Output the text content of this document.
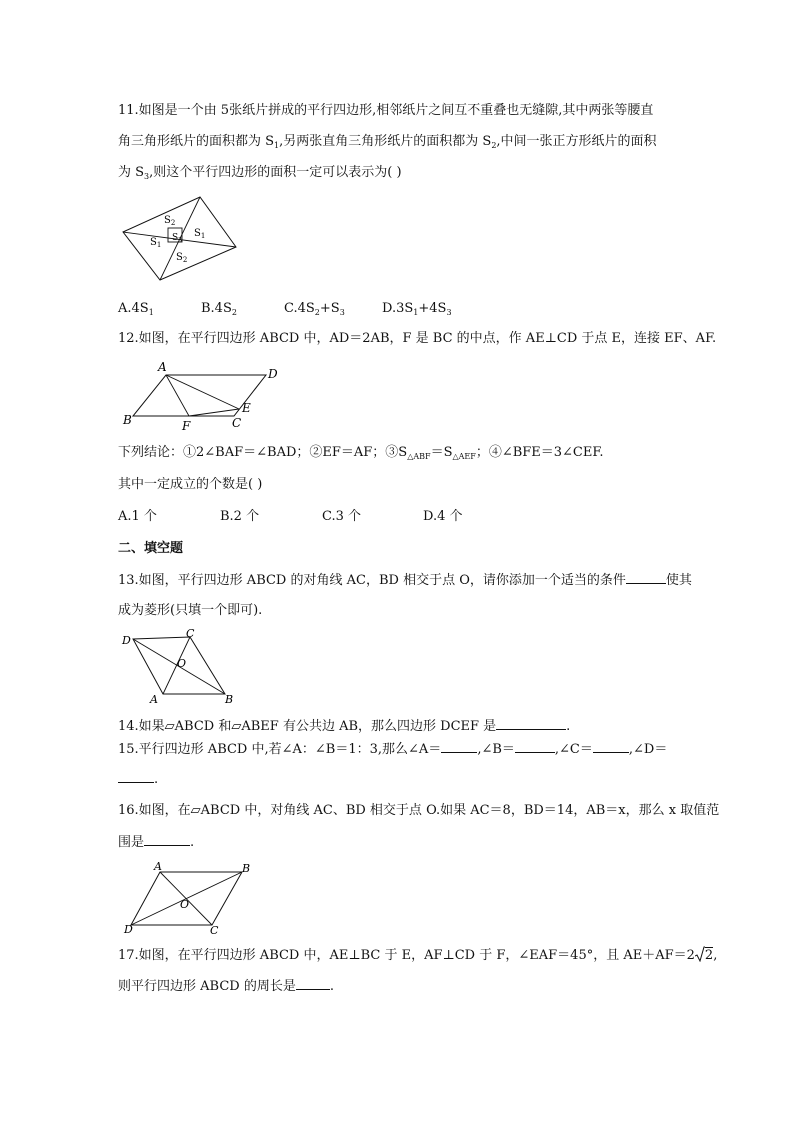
11.如图是一个由 5张纸片拼成的平行四边形,相邻纸片之间互不重叠也无缝隙,其中两张等腰直
角三角形纸片的面积都为 $S_1$,另两张直角三角形纸片的面积都为 $S_2$,中间一张正方形纸片的面积
为 $S_3$,则这个平行四边形的面积一定可以表示为( )
$S_2$
$S_1$
$S_3$
$S_1$
$S_2$
$A.4S_1$	$B.4S_2$	$C.4S_2+S_3$	$D.3S_1+4S_3$
12.如图，在平行四边形 ABCD 中，AD＝2AB，F 是 BC 的中点，作 AE⊥CD 于点 E，连接 EF、AF.
A	D
B	F	C
E
下列结论：①2∠BAF＝∠BAD；②EF＝AF；$③S_{\triangle ABF}=S_{\triangle AEF}$；④∠BFE＝3∠CEF.
其中一定成立的个数是( )
A.1 个	B.2 个	C.3 个	D.4 个
二、填空题
13.如图，平行四边形 ABCD 的对角线 AC，BD 相交于点 O，请你添加一个适当的条件	使其
成为菱形(只填一个即可).
D
C
O
A	B
14.如果▱ABCD 和▱ABEF 有公共边 AB，那么四边形 DCEF 是	.
15.平行四边形 ABCD 中,若∠A：∠B＝1：3,那么∠A＝	,∠B＝	,∠C＝	,∠D＝
.
16.如图，在▱ABCD 中，对角线 AC、BD 相交于点 O.如果 AC＝8，BD＝14，AB＝x，那么 x 取值范
围是	.
A	B
O
D	C
17.如图，在平行四边形 ABCD 中，AE⊥BC 于 E，AF⊥CD 于 F，∠EAF＝45°，且 AE＋AF＝2 2,
则平行四边形 ABCD 的周长是	.
